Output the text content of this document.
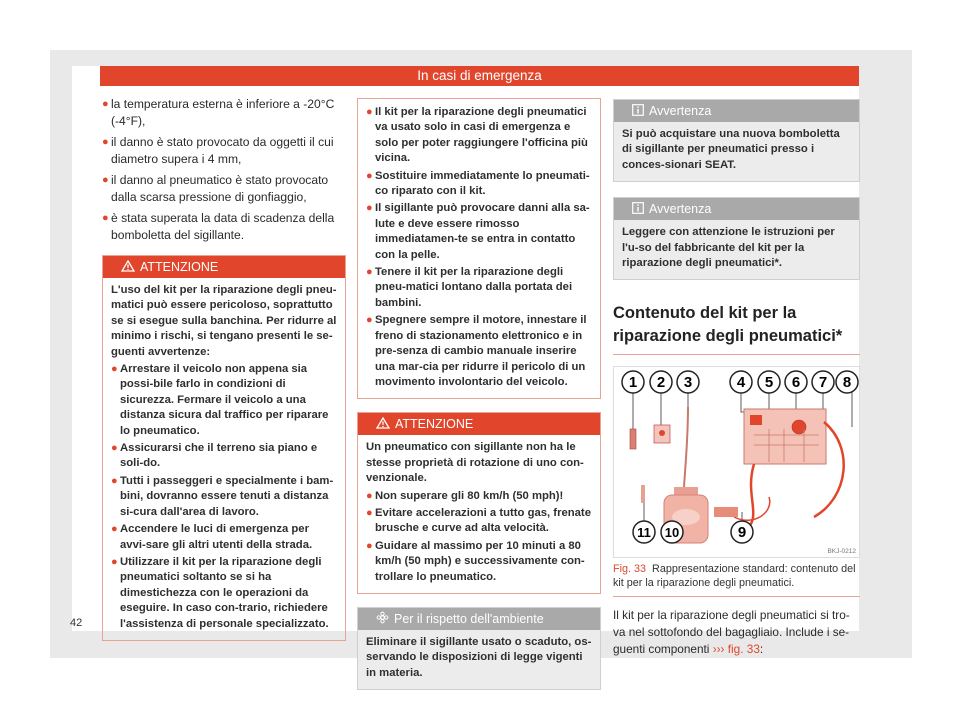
In casi di emergenza

● la temperatura esterna è inferiore a -20°C (-4°F),

● il danno è stato provocato da oggetti il cui diametro supera i 4 mm,

● il danno al pneumatico è stato provocato dalla scarsa pressione di gonfiaggio,

● è stata superata la data di scadenza della bomboletta del sigillante.

ATTENZIONE
L'uso del kit per la riparazione degli pneu-matici può essere pericoloso, soprattutto se si esegue sulla banchina. Per ridurre al minimo i rischi, si tengano presenti le se-guenti avvertenze:
● Arrestare il veicolo non appena sia possi-bile farlo in condizioni di sicurezza. Fermare il veicolo a una distanza sicura dal traffico per riparare lo pneumatico.
● Assicurarsi che il terreno sia piano e soli-do.
● Tutti i passeggeri e specialmente i bam-bini, dovranno essere tenuti a distanza si-cura dall'area di lavoro.
● Accendere le luci di emergenza per avvi-sare gli altri utenti della strada.
● Utilizzare il kit per la riparazione degli pneumatici soltanto se si ha dimestichezza con le operazioni da eseguire. In caso con-trario, richiedere l'assistenza di personale specializzato.
● Il kit per la riparazione degli pneumatici va usato solo in casi di emergenza e solo per poter raggiungere l'officina più vicina.
● Sostituire immediatamente lo pneumati-co riparato con il kit.
● Il sigillante può provocare danni alla sa-lute e deve essere rimosso immediatamen-te se entra in contatto con la pelle.
● Tenere il kit per la riparazione degli pneu-matici lontano dalla portata dei bambini.
● Spegnere sempre il motore, innestare il freno di stazionamento elettronico e in pre-senza di cambio manuale inserire una mar-cia per ridurre il pericolo di un movimento involontario del veicolo.
ATTENZIONE
Un pneumatico con sigillante non ha le stesse proprietà di rotazione di uno con-venzionale.
● Non superare gli 80 km/h (50 mph)!
● Evitare accelerazioni a tutto gas, frenate brusche e curve ad alta velocità.
● Guidare al massimo per 10 minuti a 80 km/h (50 mph) e successivamente con-trollare lo pneumatico.
Per il rispetto dell'ambiente
Eliminare il sigillante usato o scaduto, os-servando le disposizioni di legge vigenti in materia.
Avvertenza
Si può acquistare una nuova bomboletta di sigillante per pneumatici presso i conces-sionari SEAT.
Avvertenza
Leggere con attenzione le istruzioni per l'u-so del fabbricante del kit per la riparazione degli pneumatici*.
Contenuto del kit per la riparazione degli pneumatici*
1 2 3	4 5 6 7 8
9
10
11
BKJ-0212
Fig. 33 Rappresentazione standard: contenuto del kit per la riparazione degli pneumatici.

Il kit per la riparazione degli pneumatici si tro-va nel sottofondo del bagagliaio. Include i se-guenti componenti ››› fig. 33:

42
